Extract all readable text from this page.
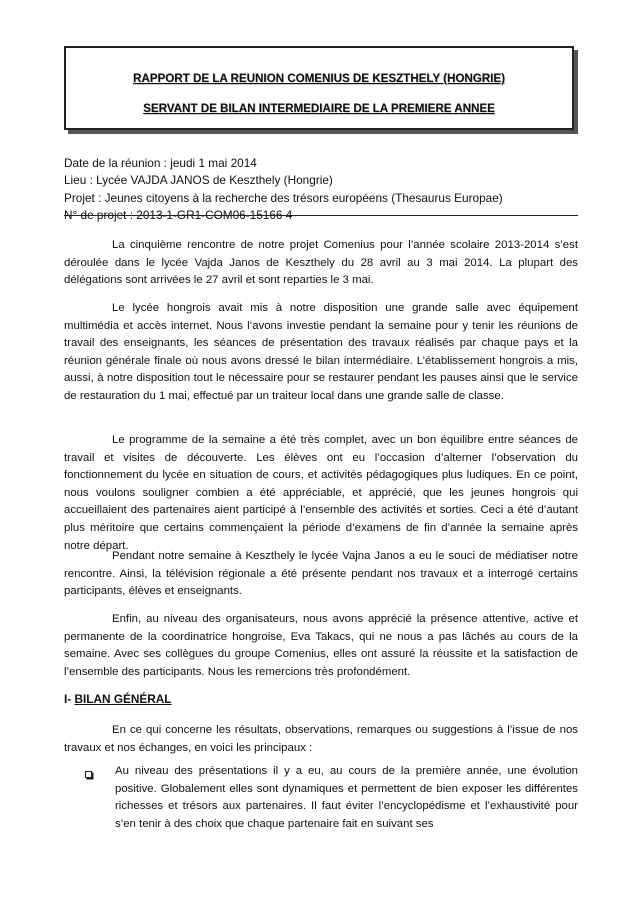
RAPPORT DE LA REUNION COMENIUS DE KESZTHELY (HONGRIE)
SERVANT DE BILAN INTERMEDIAIRE DE LA PREMIERE ANNEE
Date de la réunion : jeudi 1 mai 2014
Lieu : Lycée VAJDA JANOS de Keszthely (Hongrie)
Projet : Jeunes citoyens à la recherche des trésors européens (Thesaurus Europae)
N° de projet : 2013-1-GR1-COM06-15166 4

La cinquième rencontre de notre projet Comenius pour l’année scolaire 2013-2014 s’est déroulée dans le lycée Vajda Janos de Keszthely du 28 avril au 3 mai 2014. La plupart des délégations sont arrivées le 27 avril et sont reparties le 3 mai.

Le lycée hongrois avait mis à notre disposition une grande salle avec équipement multimédia et accès internet. Nous l’avons investie pendant la semaine pour y tenir les réunions de travail des enseignants, les séances de présentation des travaux réalisés par chaque pays et la réunion générale finale où nous avons dressé le bilan intermédiaire. L’établissement hongrois a mis, aussi, à notre disposition tout le nécessaire pour se restaurer pendant les pauses ainsi que le service de restauration du 1 mai, effectué par un traiteur local dans une grande salle de classe.

Le programme de la semaine a été très complet, avec un bon équilibre entre séances de travail et visites de découverte. Les élèves ont eu l’occasion d’alterner l’observation du fonctionnement du lycée en situation de cours, et activités pédagogiques plus ludiques. En ce point, nous voulons souligner combien a été appréciable, et apprécié, que les jeunes hongrois qui accueillaient des partenaires aient participé à l’ensemble des activités et sorties. Ceci a été d’autant plus méritoire que certains commençaient la période d’examens de fin d’année la semaine après notre départ.

Pendant notre semaine à Keszthely le lycée Vajna Janos a eu le souci de médiatiser notre rencontre. Ainsi, la télévision régionale a été présente pendant nos travaux et a interrogé certains participants, élèves et enseignants.

Enfin, au niveau des organisateurs, nous avons apprécié la présence attentive, active et permanente de la coordinatrice hongroise, Eva Takacs, qui ne nous a pas lâchés au cours de la semaine. Avec ses collègues du groupe Comenius, elles ont assuré la réussite et la satisfaction de l’ensemble des participants. Nous les remercions très profondément.

I- BILAN GÉNÉRAL

En ce qui concerne les résultats, observations, remarques ou suggestions à l’issue de nos travaux et nos échanges, en voici les principaux :

Au niveau des présentations il y a eu, au cours de la première année, une évolution positive. Globalement elles sont dynamiques et permettent de bien exposer les différentes richesses et trésors aux partenaires. Il faut éviter l’encyclopédisme et l’exhaustivité pour s’en tenir à des choix que chaque partenaire fait en suivant ses
